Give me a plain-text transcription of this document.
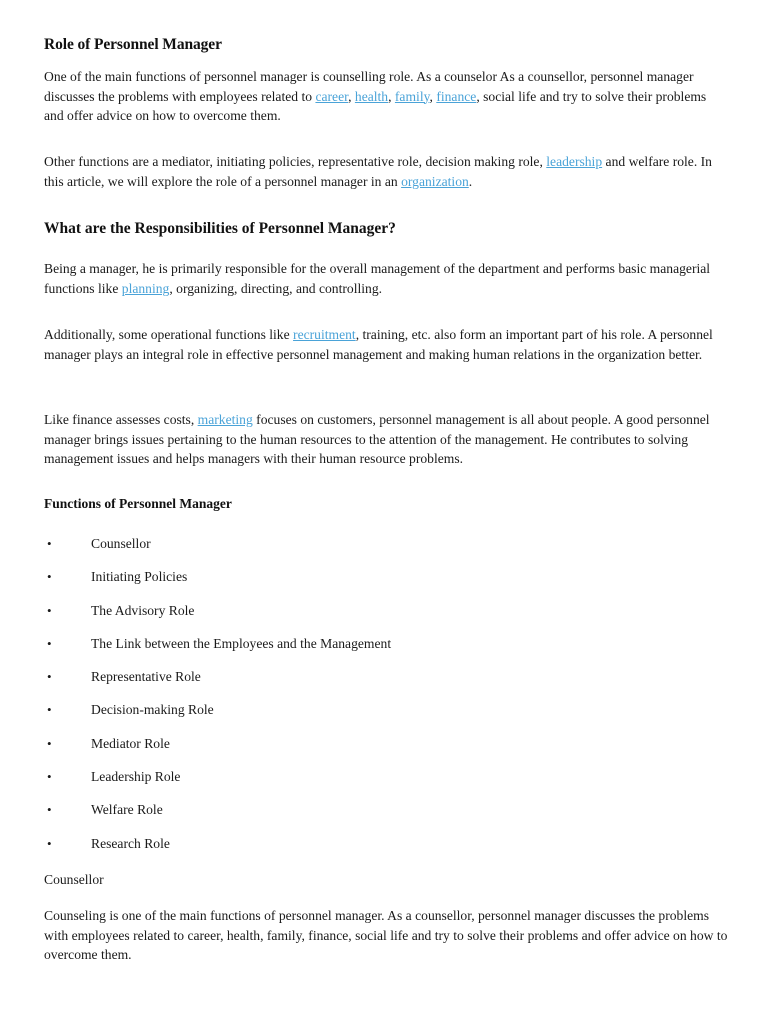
Role of Personnel Manager

One of the main functions of personnel manager is counselling role. As a counselor As a counsellor, personnel manager discusses the problems with employees related to career, health, family, finance, social life and try to solve their problems and offer advice on how to overcome them.

Other functions are a mediator, initiating policies, representative role, decision making role, leadership and welfare role. In this article, we will explore the role of a personnel manager in an organization.

What are the Responsibilities of Personnel Manager?

Being a manager, he is primarily responsible for the overall management of the department and performs basic managerial functions like planning, organizing, directing, and controlling.

Additionally, some operational functions like recruitment, training, etc. also form an important part of his role. A personnel manager plays an integral role in effective personnel management and making human relations in the organization better.

Like finance assesses costs, marketing focuses on customers, personnel management is all about people. A good personnel manager brings issues pertaining to the human resources to the attention of the management. He contributes to solving management issues and helps managers with their human resource problems.

Functions of Personnel Manager
•	Counsellor
•	Initiating Policies
•	The Advisory Role
•	The Link between the Employees and the Management
•	Representative Role
•	Decision-making Role
•	Mediator Role
•	Leadership Role
•	Welfare Role
•	Research Role

Counsellor

Counseling is one of the main functions of personnel manager. As a counsellor, personnel manager discusses the problems with employees related to career, health, family, finance, social life and try to solve their problems and offer advice on how to overcome them.
